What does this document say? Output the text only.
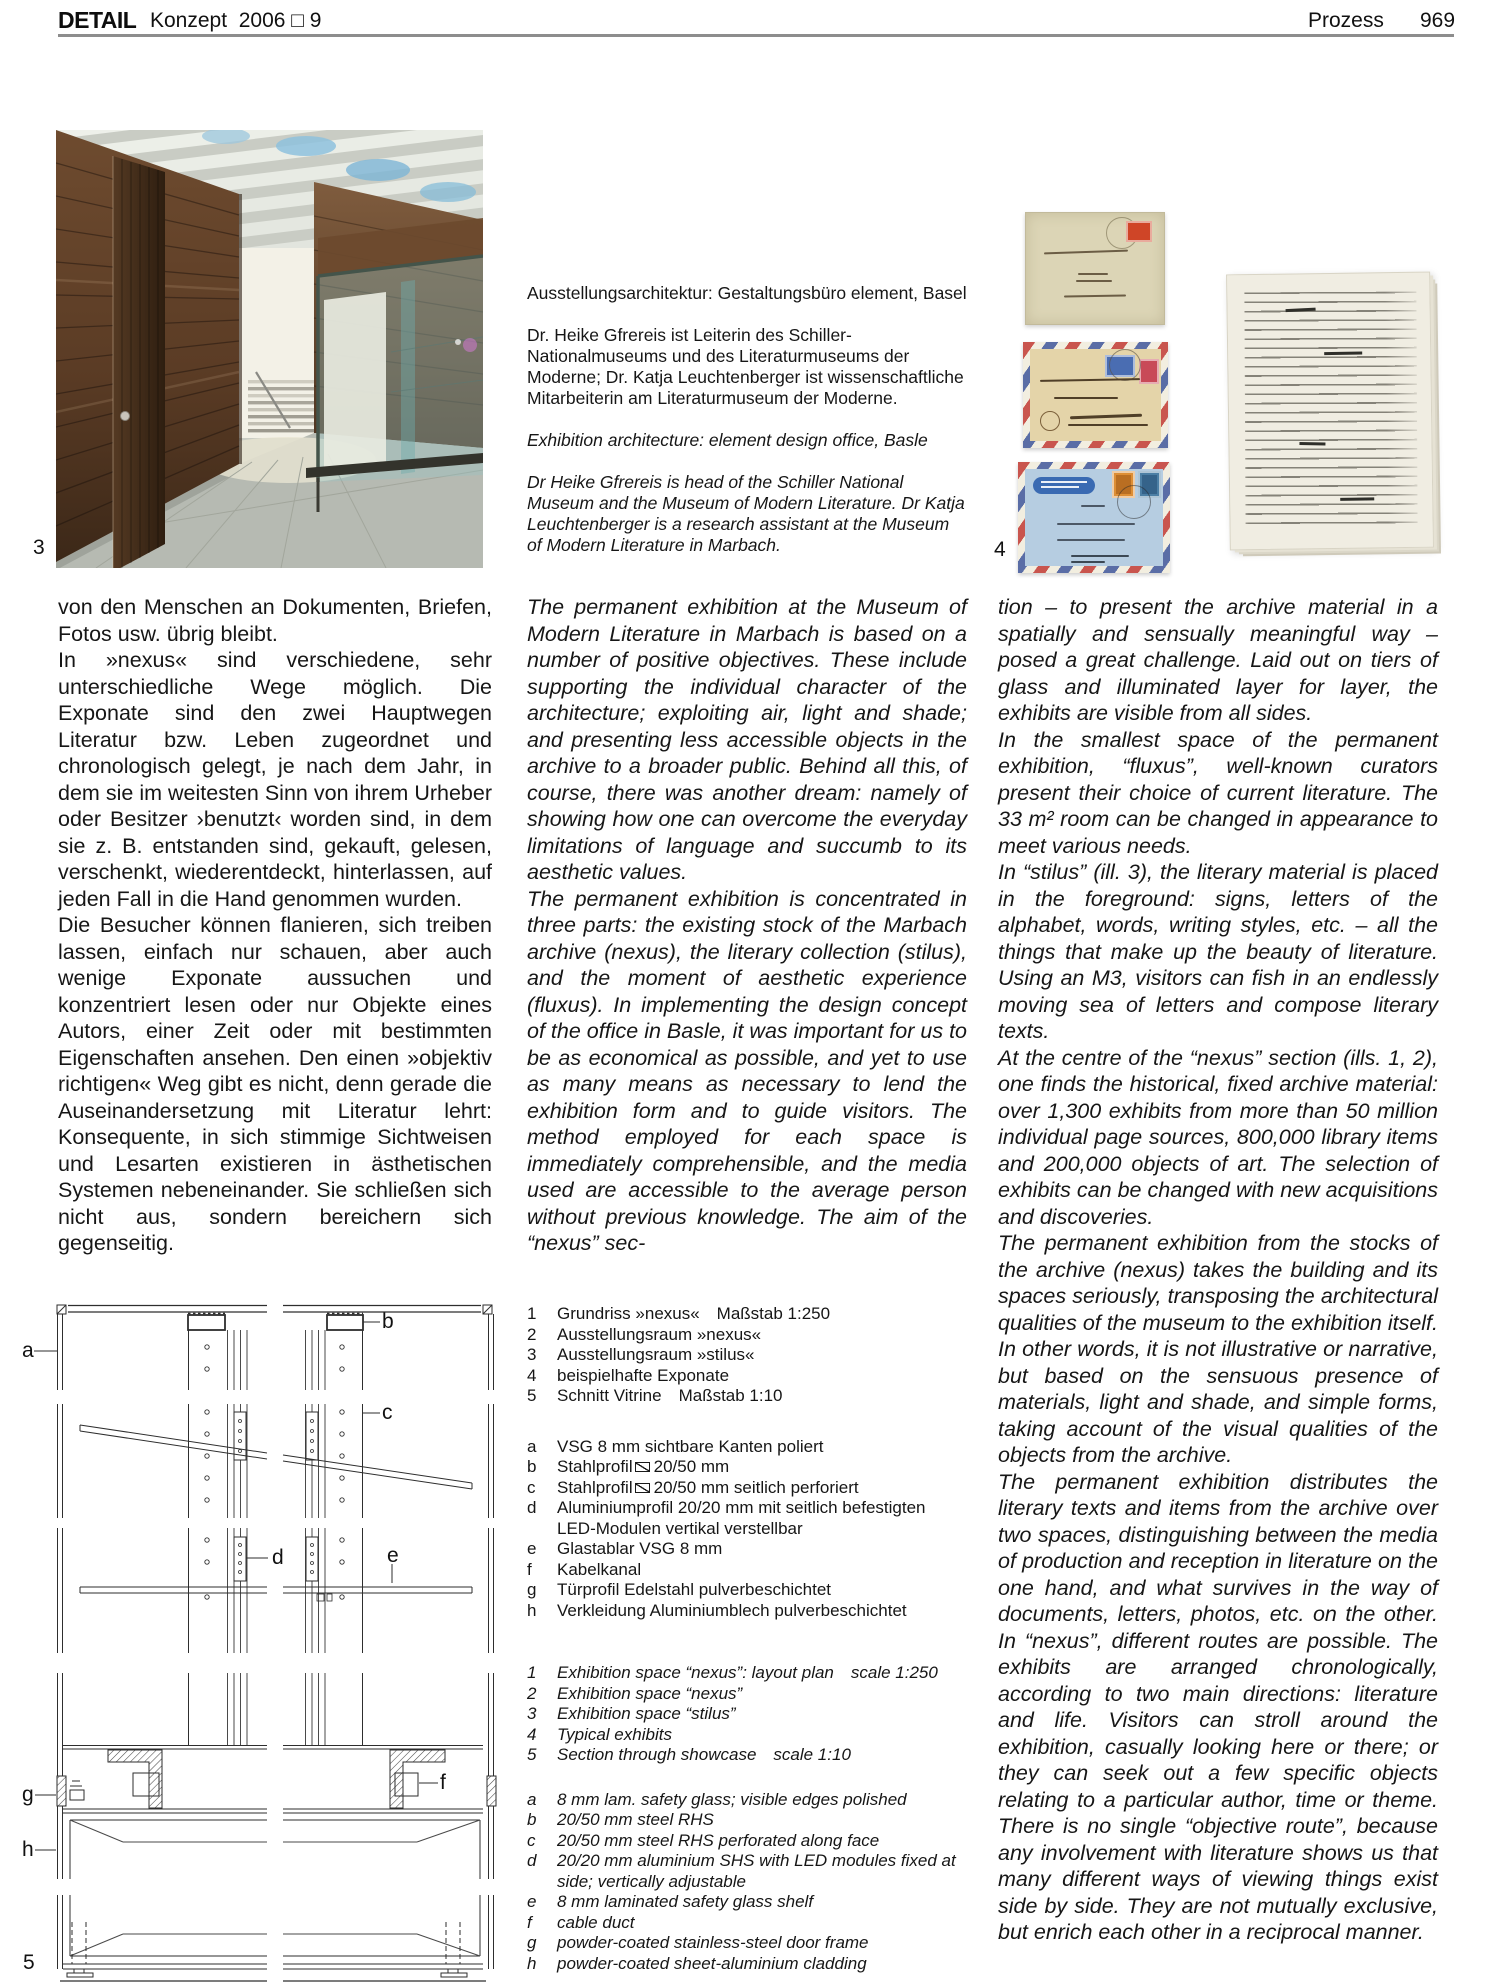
DETAIL Konzept  2006 □ 9	Prozess 969
3	4

Ausstellungsarchitektur: Gestaltungsbüro element, Basel

Dr. Heike Gfrereis ist Leiterin des Schiller-Nationalmuseums und des Literaturmuseums der Moderne; Dr. Katja Leuchtenberger ist wissenschaftliche Mitarbeiterin am Literaturmuseum der Moderne.

Exhibition architecture: element design office, Basle

Dr Heike Gfrereis is head of the Schiller National Museum and the Museum of Modern Literature. Dr Katja Leuchtenberger is a research assistant at the Museum of Modern Literature in Marbach.

von den Menschen an Dokumenten, Briefen, Fotos usw. übrig bleibt.

In »nexus« sind verschiedene, sehr unterschiedliche Wege möglich. Die Exponate sind den zwei Hauptwegen Literatur bzw. Leben zugeordnet und chronologisch gelegt, je nach dem Jahr, in dem sie im weitesten Sinn von ihrem Urheber oder Besitzer ›benutzt‹ worden sind, in dem sie z. B. entstanden sind, gekauft, gelesen, verschenkt, wiederentdeckt, hinterlassen, auf jeden Fall in die Hand genommen wurden.

Die Besucher können flanieren, sich treiben lassen, einfach nur schauen, aber auch wenige Exponate aussuchen und konzentriert lesen oder nur Objekte eines Autors, einer Zeit oder mit bestimmten Eigenschaften ansehen. Den einen »objektiv richtigen« Weg gibt es nicht, denn gerade die Auseinandersetzung mit Literatur lehrt: Konsequente, in sich stimmige Sichtweisen und Lesarten existieren in ästhetischen Systemen nebeneinander. Sie schließen sich nicht aus, sondern bereichern sich gegenseitig.

The permanent exhibition at the Museum of Modern Literature in Marbach is based on a number of positive objectives. These include supporting the individual character of the architecture; exploiting air, light and shade; and presenting less accessible objects in the archive to a broader public. Behind all this, of course, there was another dream: namely of showing how one can overcome the everyday limitations of language and succumb to its aesthetic values.

The permanent exhibition is concentrated in three parts: the existing stock of the Marbach archive (nexus), the literary collection (stilus), and the moment of aesthetic experience (fluxus). In implementing the design concept of the office in Basle, it was important for us to be as economical as possible, and yet to use as many means as necessary to lend the exhibition form and to guide visitors. The method employed for each space is immediately comprehensible, and the media used are accessible to the average person without previous knowledge. The aim of the “nexus” sec-

tion – to present the archive material in a spatially and sensually meaningful way – posed a great challenge. Laid out on tiers of glass and illuminated layer for layer, the exhibits are visible from all sides.

In the smallest space of the permanent exhibition, “fluxus”, well-known curators present their choice of current literature. The 33 m² room can be changed in appearance to meet various needs.

In “stilus” (ill. 3), the literary material is placed in the foreground: signs, letters of the alphabet, words, writing styles, etc. – all the things that make up the beauty of literature. Using an M3, visitors can fish in an endlessly moving sea of letters and compose literary texts.

At the centre of the “nexus” section (ills. 1, 2), one finds the historical, fixed archive material: over 1,300 exhibits from more than 50 million individual page sources, 800,000 library items and 200,000 objects of art. The selection of exhibits can be changed with new acquisitions and discoveries.

The permanent exhibition from the stocks of the archive (nexus) takes the building and its spaces seriously, transposing the architectural qualities of the museum to the exhibition itself. In other words, it is not illustrative or narrative, but based on the sensuous presence of materials, light and shade, and simple forms, taking account of the visual qualities of the objects from the archive.

The permanent exhibition distributes the literary texts and items from the archive over two spaces, distinguishing between the media of production and reception in literature on the one hand, and what survives in the way of documents, letters, photos, etc. on the other. In “nexus”, different routes are possible. The exhibits are arranged chronologically, according to two main directions: literature and life. Visitors can stroll around the exhibition, casually looking here or there; or they can seek out a few specific objects relating to a particular author, time or theme. There is no single “objective route”, because any involvement with literature shows us that many different ways of viewing things exist side by side. They are not mutually exclusive, but enrich each other in a reciprocal manner.

1	Grundriss »nexus« Maßstab 1:250
2	Ausstellungsraum »nexus«
3	Ausstellungsraum »stilus«
4	beispielhafte Exponate
5	Schnitt Vitrine Maßstab 1:10
a	VSG 8 mm sichtbare Kanten poliert
b	Stahlprofil 20/50 mm
c	Stahlprofil 20/50 mm seitlich perforiert
d	Aluminiumprofil 20/20 mm mit seitlich befestigten LED-Modulen vertikal verstellbar
e	Glastablar VSG 8 mm
f	Kabelkanal
g	Türprofil Edelstahl pulverbeschichtet
h	Verkleidung Aluminiumblech pulverbeschichtet
1	Exhibition space “nexus”: layout plan scale 1:250
2	Exhibition space “nexus”
3	Exhibition space “stilus”
4	Typical exhibits
5	Section through showcase scale 1:10
a	8 mm lam. safety glass; visible edges polished
b	20/50 mm steel RHS
c	20/50 mm steel RHS perforated along face
d	20/20 mm aluminium SHS with LED modules fixed at side; vertically adjustable
e	8 mm laminated safety glass shelf
f	cable duct
g	powder-coated stainless-steel door frame
h	powder-coated sheet-aluminium cladding
a
b
c
d	e
f
g
h
5
